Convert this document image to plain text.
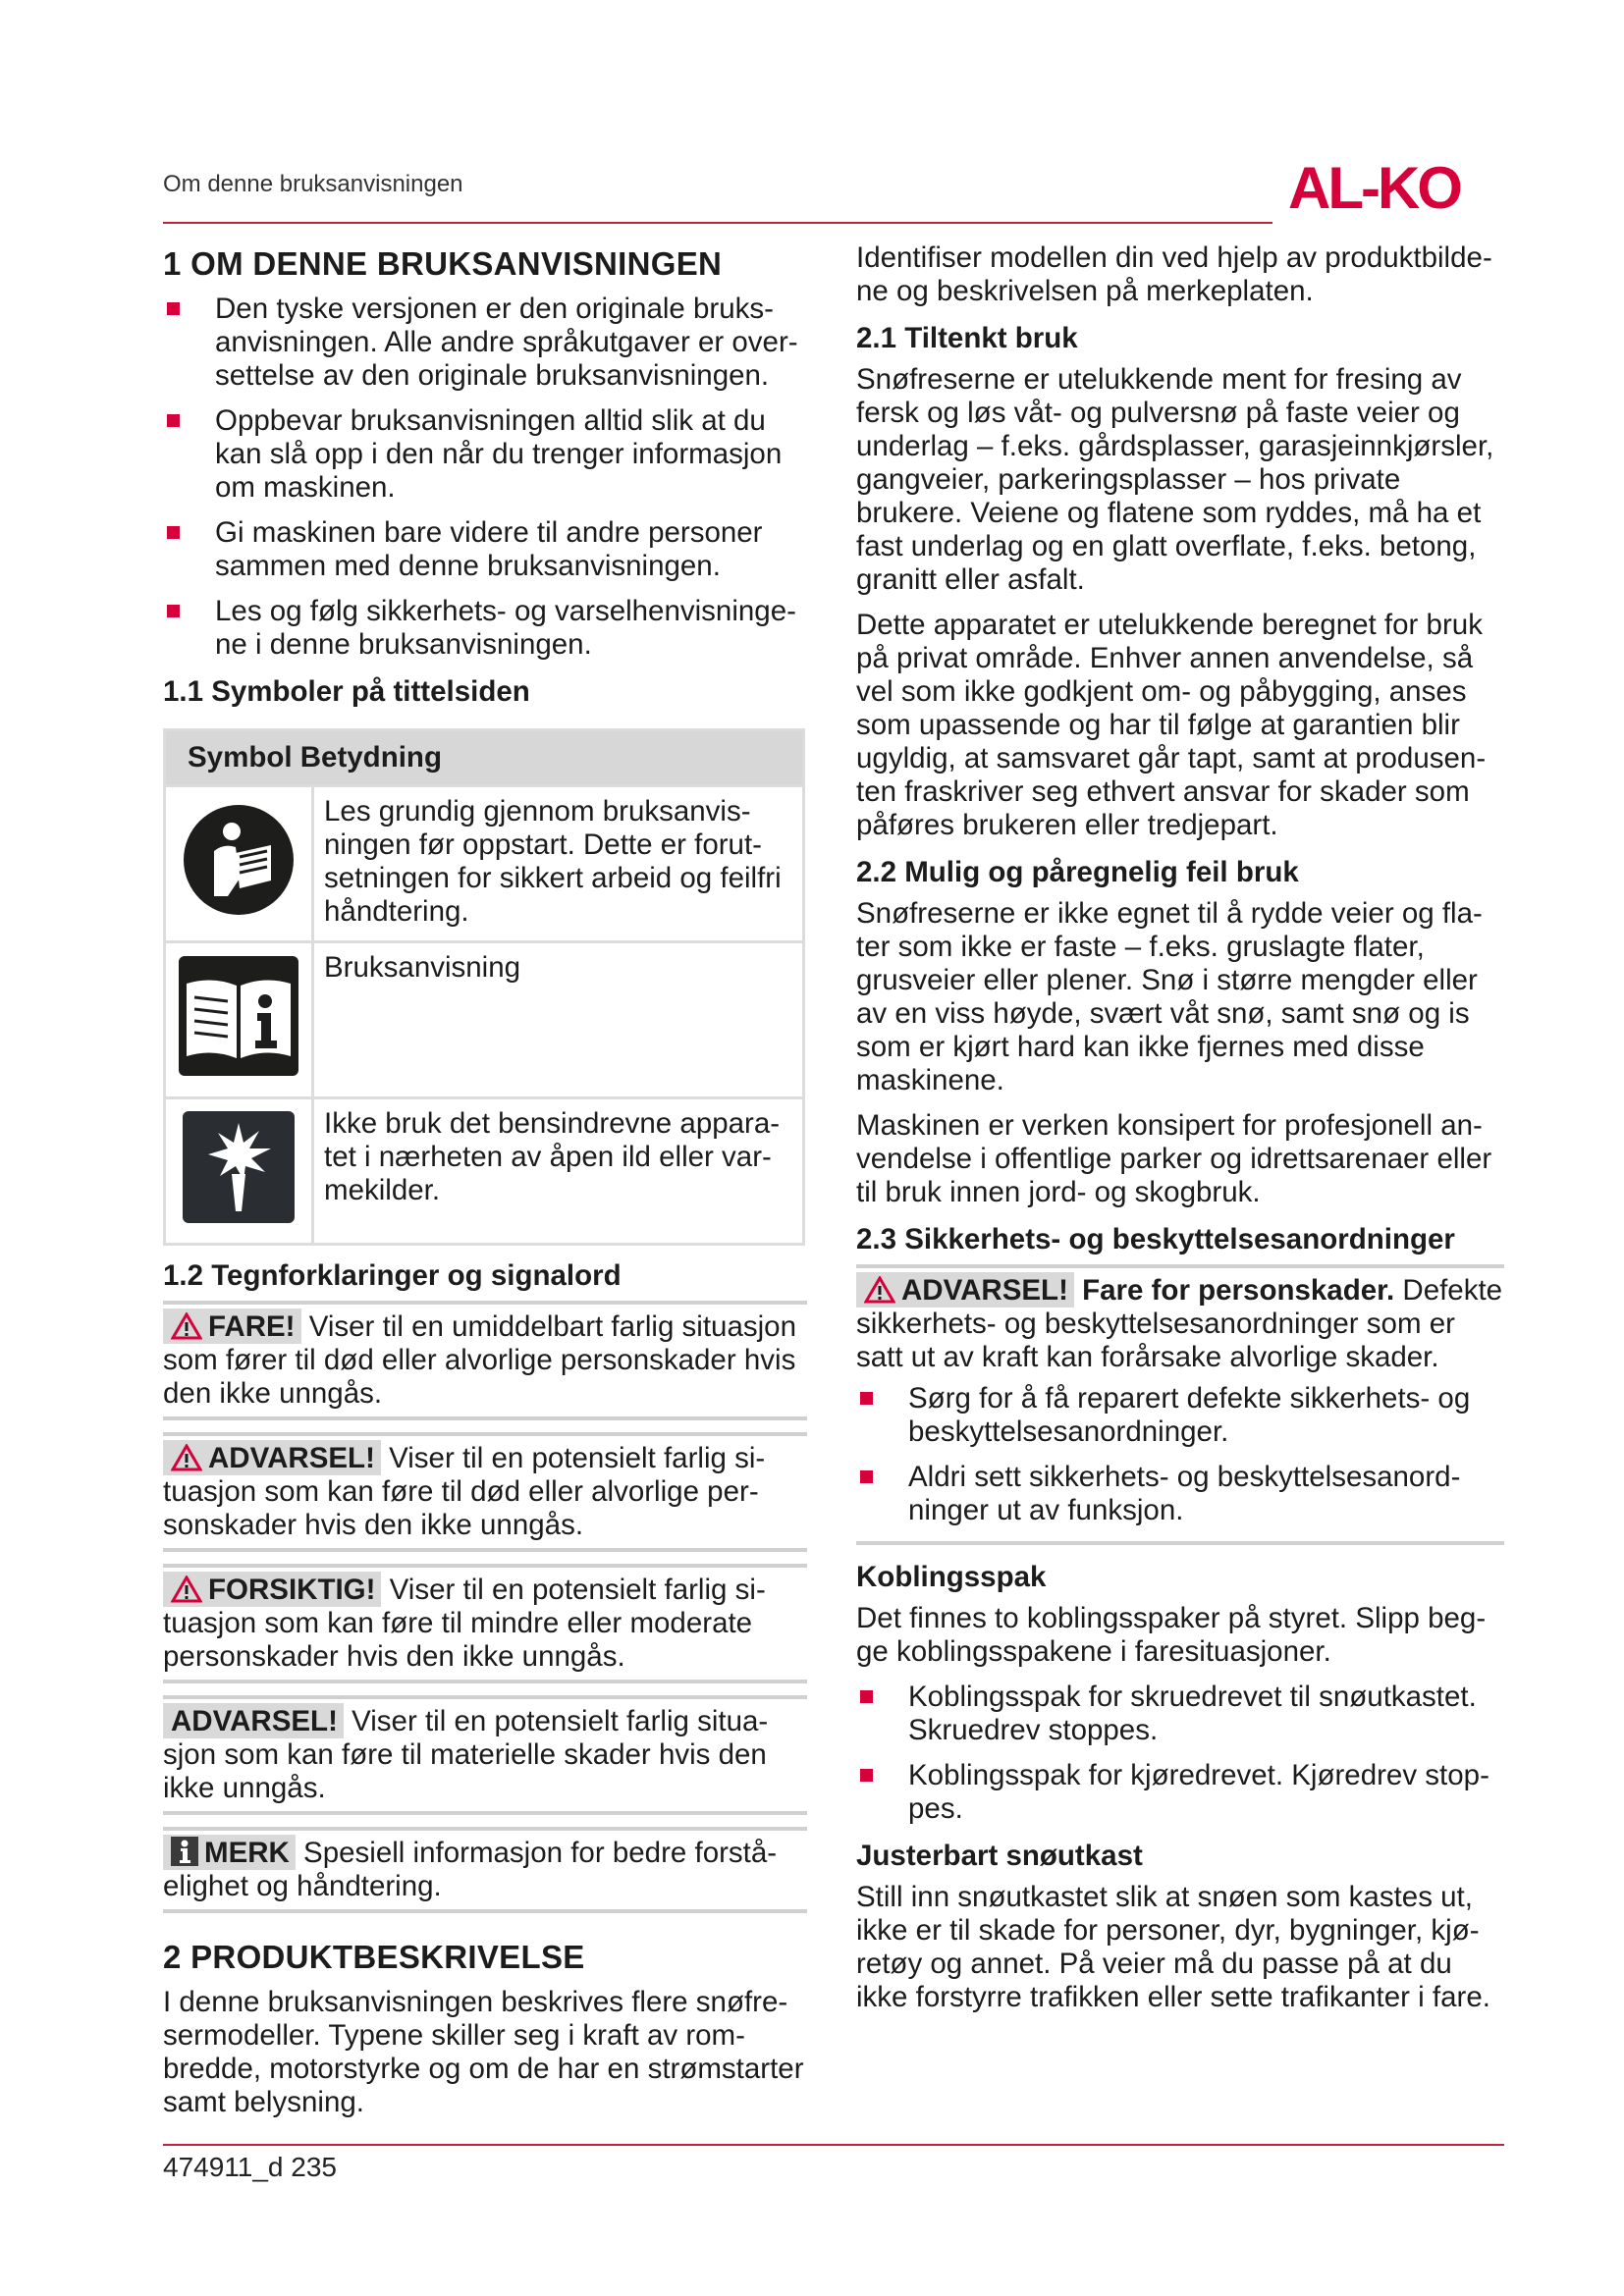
Om denne bruksanvisningen	AL-KO
1 OM DENNE BRUKSANVISNINGEN
Den tyske versjonen er den originale bruksanvisningen. Alle andre språkutgaver er oversettelse av den originale bruksanvisningen.
Oppbevar bruksanvisningen alltid slik at du kan slå opp i den når du trenger informasjon om maskinen.
Gi maskinen bare videre til andre personer sammen med denne bruksanvisningen.
Les og følg sikkerhets- og varselhenvisningene i denne bruksanvisningen.
1.1 Symboler på tittelsiden
Symbol Betydning	
	Les grundig gjennom bruksanvisningen før oppstart. Dette er forutsetningen for sikkert arbeid og feilfri håndtering.
	Bruksanvisning
	Ikke bruk det bensindrevne apparatet i nærheten av åpen ild eller varmekilder.
1.2 Tegnforklaringer og signalord
FARE! Viser til en umiddelbart farlig situasjon som fører til død eller alvorlige personskader hvis den ikke unngås.
ADVARSEL! Viser til en potensielt farlig situasjon som kan føre til død eller alvorlige personskader hvis den ikke unngås.
FORSIKTIG! Viser til en potensielt farlig situasjon som kan føre til mindre eller moderate personskader hvis den ikke unngås.
ADVARSEL! Viser til en potensielt farlig situasjon som kan føre til materielle skader hvis den ikke unngås.
MERK Spesiell informasjon for bedre forståelighet og håndtering.
2 PRODUKTBESKRIVELSE

I denne bruksanvisningen beskrives flere snøfresermodeller. Typene skiller seg i kraft av rombredde, motorstyrke og om de har en strømstarter samt belysning.

Identifiser modellen din ved hjelp av produktbildene og beskrivelsen på merkeplaten.

2.1 Tiltenkt bruk

Snøfreserne er utelukkende ment for fresing av fersk og løs våt- og pulversnø på faste veier og underlag – f.eks. gårdsplasser, garasjeinnkjørsler, gangveier, parkeringsplasser – hos private brukere. Veiene og flatene som ryddes, må ha et fast underlag og en glatt overflate, f.eks. betong, granitt eller asfalt.

Dette apparatet er utelukkende beregnet for bruk på privat område. Enhver annen anvendelse, så vel som ikke godkjent om- og påbygging, anses som upassende og har til følge at garantien blir ugyldig, at samsvaret går tapt, samt at produsenten fraskriver seg ethvert ansvar for skader som påføres brukeren eller tredjepart.

2.2 Mulig og påregnelig feil bruk

Snøfreserne er ikke egnet til å rydde veier og flater som ikke er faste – f.eks. gruslagte flater, grusveier eller plener. Snø i større mengder eller av en viss høyde, svært våt snø, samt snø og is som er kjørt hard kan ikke fjernes med disse maskinene.

Maskinen er verken konsipert for profesjonell anvendelse i offentlige parker og idrettsarenaer eller til bruk innen jord- og skogbruk.

2.3 Sikkerhets- og beskyttelsesanordninger

ADVARSEL! Fare for personskader. Defekte sikkerhets- og beskyttelsesanordninger som er satt ut av kraft kan forårsake alvorlige skader.

Sørg for å få reparert defekte sikkerhets- og beskyttelsesanordninger.
Aldri sett sikkerhets- og beskyttelsesanordninger ut av funksjon.
Koblingsspak

Det finnes to koblingsspaker på styret. Slipp begge koblingsspakene i faresituasjoner.

Koblingsspak for skruedrevet til snøutkastet. Skruedrev stoppes.
Koblingsspak for kjøredrevet. Kjøredrev stoppes.
Justerbart snøutkast

Still inn snøutkastet slik at snøen som kastes ut, ikke er til skade for personer, dyr, bygninger, kjøretøy og annet. På veier må du passe på at du ikke forstyrre trafikken eller sette trafikanter i fare.

474911_d 235
